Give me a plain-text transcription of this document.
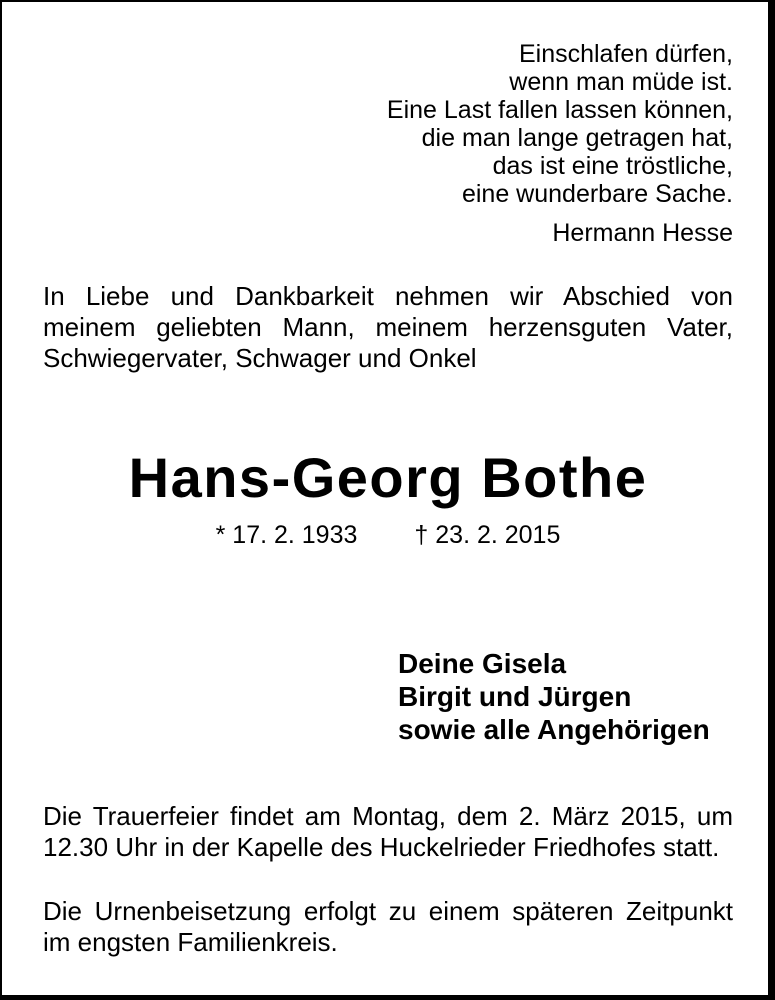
Einschlafen dürfen,
wenn man müde ist.
Eine Last fallen lassen können,
die man lange getragen hat,
das ist eine tröstliche,
eine wunderbare Sache.
Hermann Hesse
In Liebe und Dankbarkeit nehmen wir Abschied von
meinem geliebten Mann, meinem herzensguten Vater,
Schwiegervater, Schwager und Onkel
Hans-Georg Bothe
* 17. 2. 1933 † 23. 2. 2015
Deine Gisela
Birgit und Jürgen
sowie alle Angehörigen
Die Trauerfeier findet am Montag, dem 2. März 2015, um
12.30 Uhr in der Kapelle des Huckelrieder Friedhofes statt.
Die Urnenbeisetzung erfolgt zu einem späteren Zeitpunkt
im engsten Familienkreis.
